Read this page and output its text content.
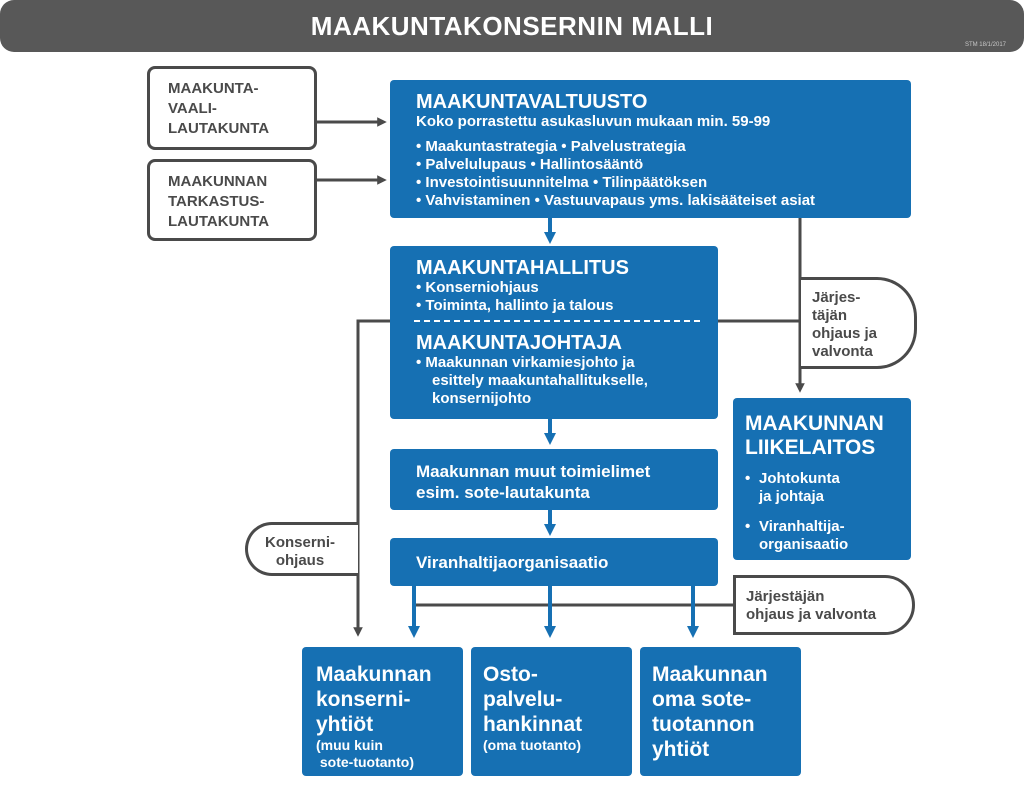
MAAKUNTAKONSERNIN MALLI
STM 18/1/2017
MAAKUNTA-
VAALI-
LAUTAKUNTA
MAAKUNNAN
TARKASTUS-
LAUTAKUNTA
MAAKUNTAVALTUUSTO
Koko porrastettu asukasluvun mukaan min. 59-99
• Maakuntastrategia • Palvelustrategia
• Palvelulupaus • Hallintosääntö
• Investointisuunnitelma • Tilinpäätöksen
• Vahvistaminen • Vastuuvapaus yms. lakisääteiset asiat
MAAKUNTAHALLITUS
• Konserniohjaus
• Toiminta, hallinto ja talous
MAAKUNTAJOHTAJA
• Maakunnan virkamiesjohto ja
esittely maakuntahallitukselle,
konsernijohto
Maakunnan muut toimielimet
esim. sote-lautakunta
Viranhaltijaorganisaatio
MAAKUNNAN
LIIKELAITOS
• Johtokunta
ja johtaja
• Viranhaltija-
organisaatio
Järjes-
täjän
ohjaus ja
valvonta
Konserni-
ohjaus
Järjestäjän
ohjaus ja valvonta
Maakunnan
konserni-
yhtiöt
(muu kuin
sote-tuotanto)
Osto-
palvelu-
hankinnat
(oma tuotanto)
Maakunnan
oma sote-
tuotannon
yhtiöt
